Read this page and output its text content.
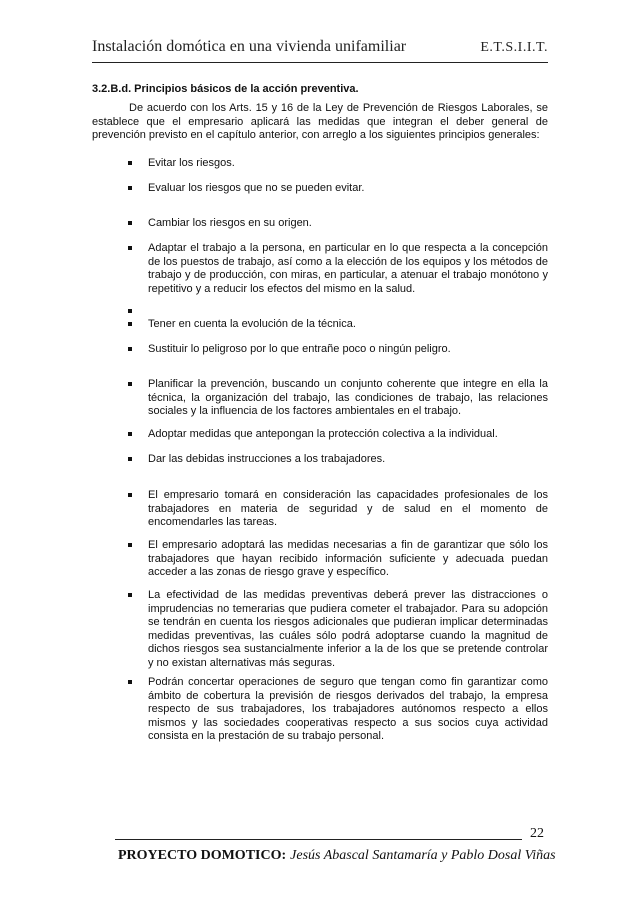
Instalación domótica en una vivienda unifamiliar	E.T.S.I.I.T.
3.2.B.d. Principios básicos de la acción preventiva.

De acuerdo con los Arts. 15 y 16 de la Ley de Prevención de Riesgos Laborales, se establece que el empresario aplicará las medidas que integran el deber general de prevención previsto en el capítulo anterior, con arreglo a los siguientes principios generales:

Evitar los riesgos.
Evaluar los riesgos que no se pueden evitar.
Cambiar los riesgos en su origen.
Adaptar el trabajo a la persona, en particular en lo que respecta a la concepción de los puestos de trabajo, así como a la elección de los equipos y los métodos de trabajo y de producción, con miras, en particular, a atenuar el trabajo monótono y repetitivo y a reducir los efectos del mismo en la salud.
Tener en cuenta la evolución de la técnica.
Sustituir lo peligroso por lo que entrañe poco o ningún peligro.
Planificar la prevención, buscando un conjunto coherente que integre en ella la técnica, la organización del trabajo, las condiciones de trabajo, las relaciones sociales y la influencia de los factores ambientales en el trabajo.
Adoptar medidas que antepongan la protección colectiva a la individual.
Dar las debidas instrucciones a los trabajadores.
El empresario tomará en consideración las capacidades profesionales de los trabajadores en materia de seguridad y de salud en el momento de encomendarles las tareas.
El empresario adoptará las medidas necesarias a fin de garantizar que sólo los trabajadores que hayan recibido información suficiente y adecuada puedan acceder a las zonas de riesgo grave y específico.
La efectividad de las medidas preventivas deberá prever las distracciones o imprudencias no temerarias que pudiera cometer el trabajador. Para su adopción se tendrán en cuenta los riesgos adicionales que pudieran implicar determinadas medidas preventivas, las cuáles sólo podrá adoptarse cuando la magnitud de dichos riesgos sea sustancialmente inferior a la de los que se pretende controlar y no existan alternativas más seguras.
Podrán concertar operaciones de seguro que tengan como fin garantizar como ámbito de cobertura la previsión de riesgos derivados del trabajo, la empresa respecto de sus trabajadores, los trabajadores autónomos respecto a ellos mismos y las sociedades cooperativas respecto a sus socios cuya actividad consista en la prestación de su trabajo personal.
22
PROYECTO DOMOTICO: Jesús Abascal Santamaría y Pablo Dosal Viñas
